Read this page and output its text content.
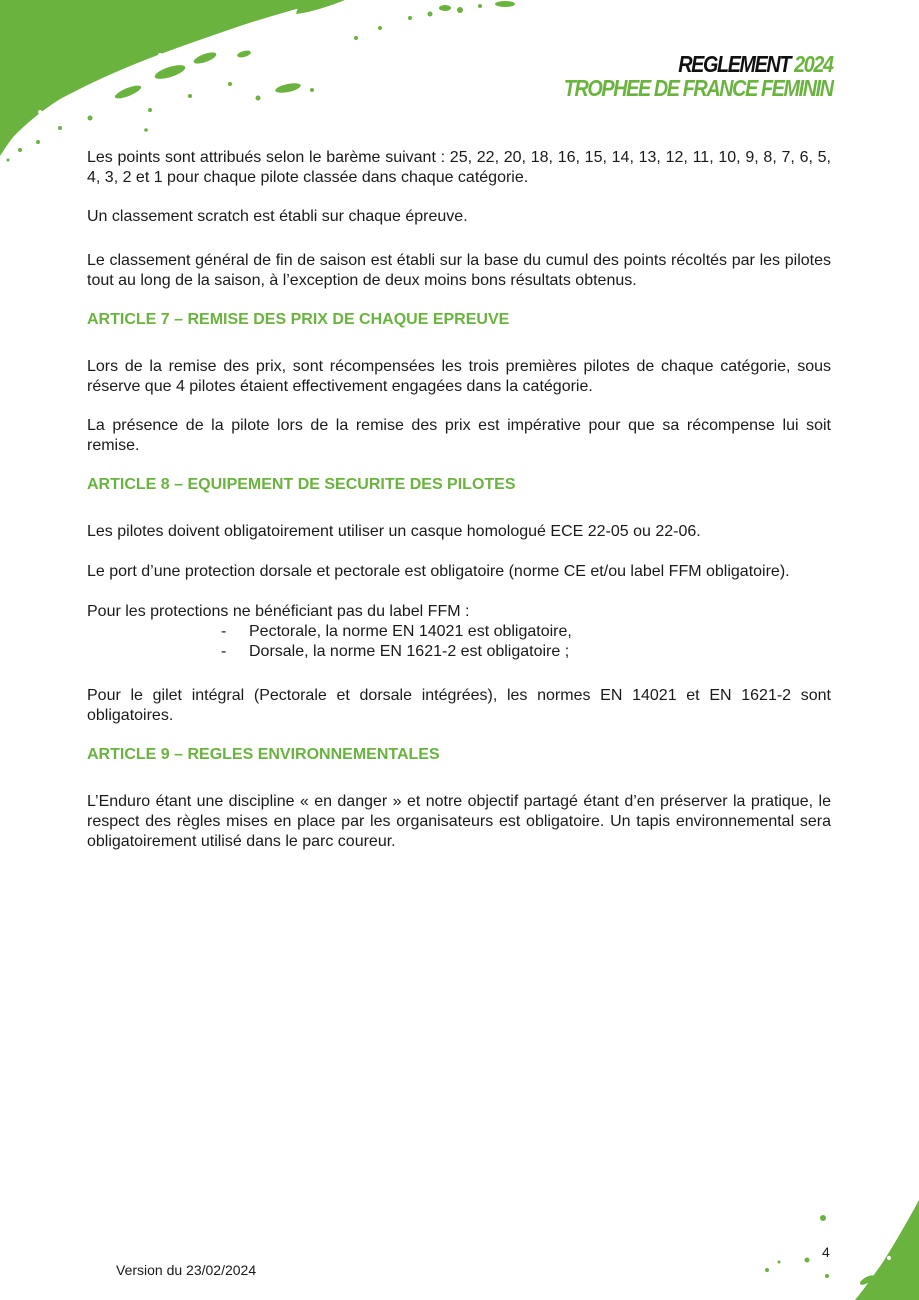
REGLEMENT 2024
TROPHEE DE FRANCE FEMININ

Les points sont attribués selon le barème suivant : 25, 22, 20, 18, 16, 15, 14, 13, 12, 11, 10, 9, 8, 7, 6, 5, 4, 3, 2 et 1 pour chaque pilote classée dans chaque catégorie.

Un classement scratch est établi sur chaque épreuve.

Le classement général de fin de saison est établi sur la base du cumul des points récoltés par les pilotes tout au long de la saison, à l’exception de deux moins bons résultats obtenus.

ARTICLE 7 – REMISE DES PRIX DE CHAQUE EPREUVE

Lors de la remise des prix, sont récompensées les trois premières pilotes de chaque catégorie, sous réserve que 4 pilotes étaient effectivement engagées dans la catégorie.

La présence de la pilote lors de la remise des prix est impérative pour que sa récompense lui soit remise.

ARTICLE 8 – EQUIPEMENT DE SECURITE DES PILOTES

Les pilotes doivent obligatoirement utiliser un casque homologué ECE 22-05 ou 22-06.

Le port d’une protection dorsale et pectorale est obligatoire (norme CE et/ou label FFM obligatoire).

Pour les protections ne bénéficiant pas du label FFM :

- Pectorale, la norme EN 14021 est obligatoire,
- Dorsale, la norme EN 1621-2 est obligatoire ;

Pour le gilet intégral (Pectorale et dorsale intégrées), les normes EN 14021 et EN 1621-2 sont obligatoires.

ARTICLE 9 – REGLES ENVIRONNEMENTALES

L’Enduro étant une discipline « en danger » et notre objectif partagé étant d’en préserver la pratique, le respect des règles mises en place par les organisateurs est obligatoire. Un tapis environnemental sera obligatoirement utilisé dans le parc coureur.

Version du 23/02/2024
4
